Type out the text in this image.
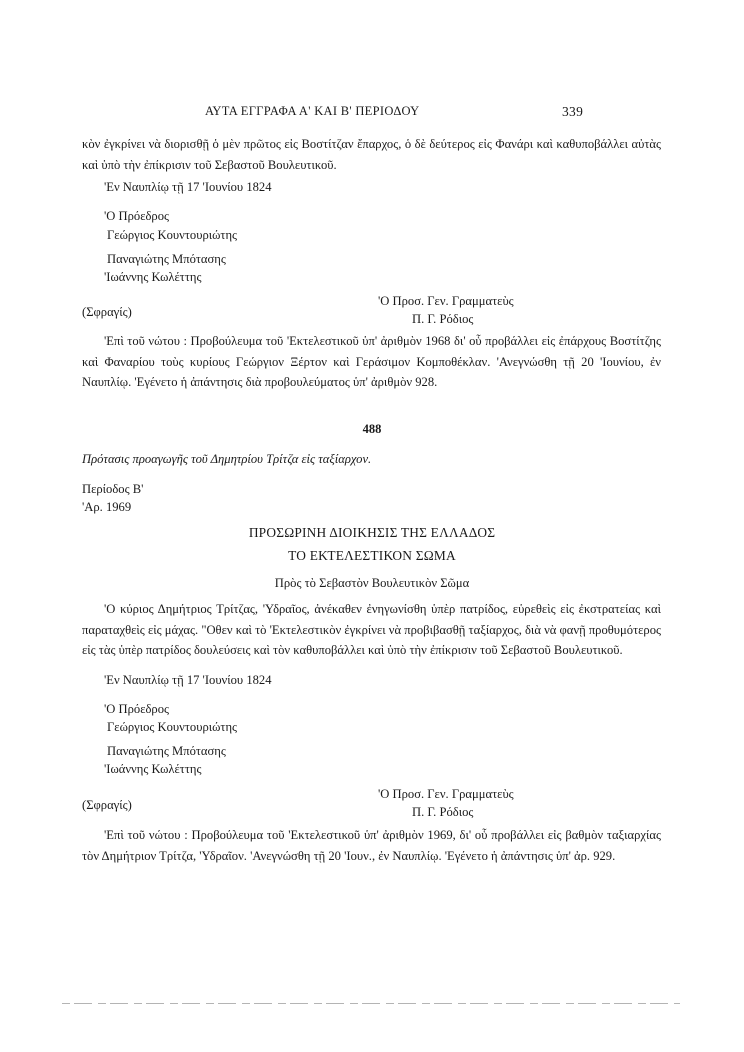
ΑΥΤΑ ΕΓΓΡΑΦΑ Α' ΚΑΙ Β' ΠΕΡΙΟΔΟΥ	339
κὸν ἐγκρίνει νὰ διορισθῇ ὁ μὲν πρῶτος εἰς Βοστίτζαν ἔπαρχος, ὁ δὲ δεύτερος εἰς Φανάρι καὶ καθυποβάλλει αὐτὰς καὶ ὑπὸ τὴν ἐπίκρισιν τοῦ Σεβαστοῦ Βουλευτικοῦ.
'Εν Ναυπλίῳ τῇ 17 'Ιουνίου 1824
'Ο Πρόεδρος
Γεώργιος Κουντουριώτης
Παναγιώτης Μπότασης
'Ιωάννης Κωλέττης
'Ο Προσ. Γεν. Γραμματεὺς
(Σφραγίς)	Π. Γ. Ρόδιος
'Επὶ τοῦ νώτου : Προβούλευμα τοῦ 'Εκτελεστικοῦ ὑπ' ἀριθμὸν 1968 δι' οὗ προβάλλει εἰς ἐπάρχους Βοστίτζης καὶ Φαναρίου τοὺς κυρίους Γεώργιον Ξέρτον καὶ Γεράσιμον Κομποθέκλαν. 'Ανεγνώσθη τῇ 20 'Ιουνίου, ἐν Ναυπλίῳ. 'Εγένετο ἡ ἀπάντησις διὰ προβουλεύματος ὑπ' ἀριθμὸν 928.
488
Πρότασις προαγωγῆς τοῦ Δημητρίου Τρίτζα εἰς ταξίαρχον.
Περίοδος Β'
'Αρ. 1969
ΠΡΟΣΩΡΙΝΗ ΔΙΟΙΚΗΣΙΣ ΤΗΣ ΕΛΛΑΔΟΣ
ΤΟ ΕΚΤΕΛΕΣΤΙΚΟΝ ΣΩΜΑ
Πρὸς τὸ Σεβαστὸν Βουλευτικὸν Σῶμα
'Ο κύριος Δημήτριος Τρίτζας, 'Υδραῖος, ἀνέκαθεν ἐνηγωνίσθη ὑπὲρ πατρίδος, εὑρεθεὶς εἰς ἐκστρατείας καὶ παραταχθεὶς εἰς μάχας. "Οθεν καὶ τὸ 'Εκτελεστικὸν ἐγκρίνει νὰ προβιβασθῇ ταξίαρχος, διὰ νὰ φανῇ προθυμότερος εἰς τὰς ὑπὲρ πατρίδος δουλεύσεις καὶ τὸν καθυποβάλλει καὶ ὑπὸ τὴν ἐπίκρισιν τοῦ Σεβαστοῦ Βουλευτικοῦ.
'Εν Ναυπλίῳ τῇ 17 'Ιουνίου 1824
'Ο Πρόεδρος
Γεώργιος Κουντουριώτης
Παναγιώτης Μπότασης
'Ιωάννης Κωλέττης
'Ο Προσ. Γεν. Γραμματεὺς
(Σφραγίς)	Π. Γ. Ρόδιος
'Επὶ τοῦ νώτου : Προβούλευμα τοῦ 'Εκτελεστικοῦ ὑπ' ἀριθμὸν 1969, δι' οὗ προβάλλει εἰς βαθμὸν ταξιαρχίας τὸν Δημήτριον Τρίτζα, 'Υδραῖον. 'Ανεγνώσθη τῇ 20 'Ιουν., ἐν Ναυπλίῳ. 'Εγένετο ἡ ἀπάντησις ὑπ' ἀρ. 929.
